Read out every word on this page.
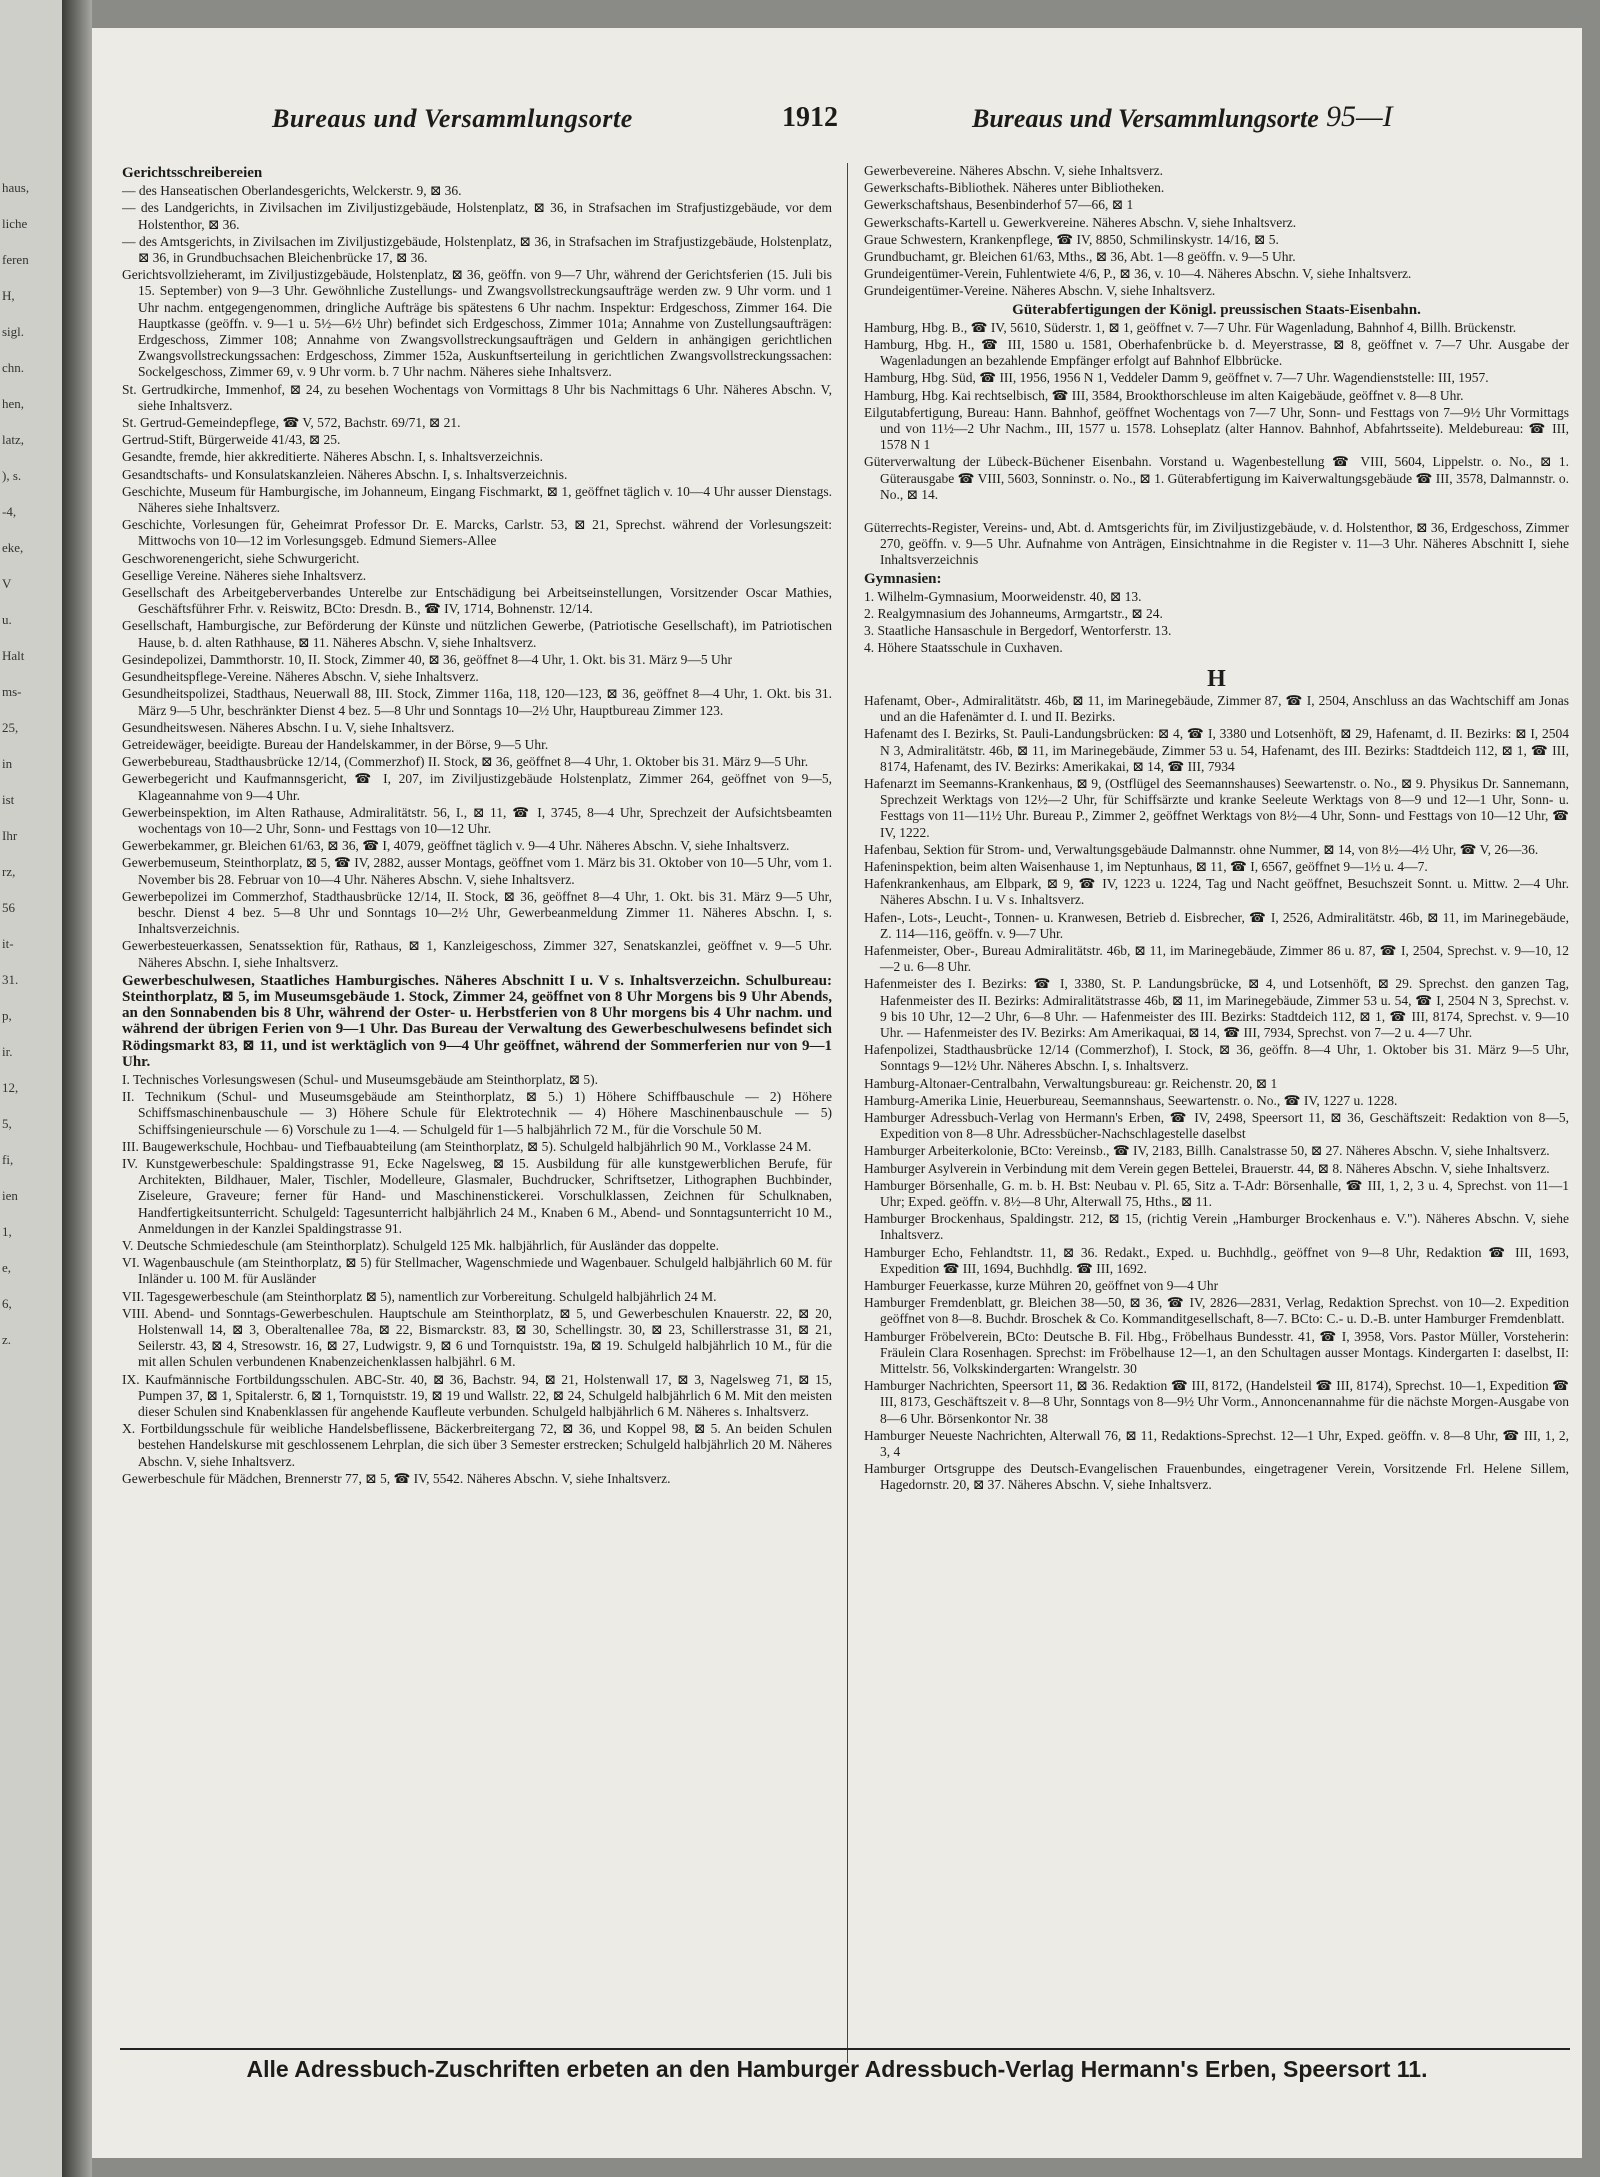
haus,
liche
feren
H,
sigl.
chn.
hen,
latz,
), s.
-4,
eke,
V
u.
Halt
ms-
25,
in
ist
Ihr
rz,
56
it-
31.
p,
ir.
12,
5,
fi,
ien
1,
e,
6,
z.
Bureaus und Versammlungsorte	1912	Bureaus und Versammlungsorte 95—I
Gerichtsschreibereien
— des Hanseatischen Oberlandesgerichts, Welckerstr. 9, ⊠ 36.
— des Landgerichts, in Zivilsachen im Ziviljustizgebäude, Holstenplatz, ⊠ 36, in Strafsachen im Strafjustizgebäude, vor dem Holstenthor, ⊠ 36.
— des Amtsgerichts, in Zivilsachen im Ziviljustizgebäude, Holstenplatz, ⊠ 36, in Strafsachen im Strafjustizgebäude, Holstenplatz, ⊠ 36, in Grundbuchsachen Bleichenbrücke 17, ⊠ 36.
Gerichtsvollzieheramt, im Ziviljustizgebäude, Holstenplatz, ⊠ 36, geöffn. von 9—7 Uhr, während der Gerichtsferien (15. Juli bis 15. September) von 9—3 Uhr. Gewöhnliche Zustellungs- und Zwangsvollstreckungsaufträge werden zw. 9 Uhr vorm. und 1 Uhr nachm. entgegengenommen, dringliche Aufträge bis spätestens 6 Uhr nachm. Inspektur: Erdgeschoss, Zimmer 164. Die Hauptkasse (geöffn. v. 9—1 u. 5½—6½ Uhr) befindet sich Erdgeschoss, Zimmer 101a; Annahme von Zustellungsaufträgen: Erdgeschoss, Zimmer 108; Annahme von Zwangsvollstreckungsaufträgen und Geldern in anhängigen gerichtlichen Zwangsvollstreckungssachen: Erdgeschoss, Zimmer 152a, Auskunftserteilung in gerichtlichen Zwangsvollstreckungssachen: Sockelgeschoss, Zimmer 69, v. 9 Uhr vorm. b. 7 Uhr nachm. Näheres siehe Inhaltsverz.
St. Gertrudkirche, Immenhof, ⊠ 24, zu besehen Wochentags von Vormittags 8 Uhr bis Nachmittags 6 Uhr. Näheres Abschn. V, siehe Inhaltsverz.
St. Gertrud-Gemeindepflege, ☎ V, 572, Bachstr. 69/71, ⊠ 21.
Gertrud-Stift, Bürgerweide 41/43, ⊠ 25.
Gesandte, fremde, hier akkreditierte. Näheres Abschn. I, s. Inhaltsverzeichnis.
Gesandtschafts- und Konsulatskanzleien. Näheres Abschn. I, s. Inhaltsverzeichnis.
Geschichte, Museum für Hamburgische, im Johanneum, Eingang Fischmarkt, ⊠ 1, geöffnet täglich v. 10—4 Uhr ausser Dienstags. Näheres siehe Inhaltsverz.
Geschichte, Vorlesungen für, Geheimrat Professor Dr. E. Marcks, Carlstr. 53, ⊠ 21, Sprechst. während der Vorlesungszeit: Mittwochs von 10—12 im Vorlesungsgeb. Edmund Siemers-Allee
Geschworenengericht, siehe Schwurgericht.
Gesellige Vereine. Näheres siehe Inhaltsverz.
Gesellschaft des Arbeitgeberverbandes Unterelbe zur Entschädigung bei Arbeitseinstellungen, Vorsitzender Oscar Mathies, Geschäftsführer Frhr. v. Reiswitz, BCto: Dresdn. B., ☎ IV, 1714, Bohnenstr. 12/14.
Gesellschaft, Hamburgische, zur Beförderung der Künste und nützlichen Gewerbe, (Patriotische Gesellschaft), im Patriotischen Hause, b. d. alten Rathhause, ⊠ 11. Näheres Abschn. V, siehe Inhaltsverz.
Gesindepolizei, Dammthorstr. 10, II. Stock, Zimmer 40, ⊠ 36, geöffnet 8—4 Uhr, 1. Okt. bis 31. März 9—5 Uhr
Gesundheitspflege-Vereine. Näheres Abschn. V, siehe Inhaltsverz.
Gesundheitspolizei, Stadthaus, Neuerwall 88, III. Stock, Zimmer 116a, 118, 120—123, ⊠ 36, geöffnet 8—4 Uhr, 1. Okt. bis 31. März 9—5 Uhr, beschränkter Dienst 4 bez. 5—8 Uhr und Sonntags 10—2½ Uhr, Hauptbureau Zimmer 123.
Gesundheitswesen. Näheres Abschn. I u. V, siehe Inhaltsverz.
Getreidewäger, beeidigte. Bureau der Handelskammer, in der Börse, 9—5 Uhr.
Gewerbebureau, Stadthausbrücke 12/14, (Commerzhof) II. Stock, ⊠ 36, geöffnet 8—4 Uhr, 1. Oktober bis 31. März 9—5 Uhr.
Gewerbegericht und Kaufmannsgericht, ☎ I, 207, im Ziviljustizgebäude Holstenplatz, Zimmer 264, geöffnet von 9—5, Klageannahme von 9—4 Uhr.
Gewerbeinspektion, im Alten Rathause, Admiralitätstr. 56, I., ⊠ 11, ☎ I, 3745, 8—4 Uhr, Sprechzeit der Aufsichtsbeamten wochentags von 10—2 Uhr, Sonn- und Festtags von 10—12 Uhr.
Gewerbekammer, gr. Bleichen 61/63, ⊠ 36, ☎ I, 4079, geöffnet täglich v. 9—4 Uhr. Näheres Abschn. V, siehe Inhaltsverz.
Gewerbemuseum, Steinthorplatz, ⊠ 5, ☎ IV, 2882, ausser Montags, geöffnet vom 1. März bis 31. Oktober von 10—5 Uhr, vom 1. November bis 28. Februar von 10—4 Uhr. Näheres Abschn. V, siehe Inhaltsverz.
Gewerbepolizei im Commerzhof, Stadthausbrücke 12/14, II. Stock, ⊠ 36, geöffnet 8—4 Uhr, 1. Okt. bis 31. März 9—5 Uhr, beschr. Dienst 4 bez. 5—8 Uhr und Sonntags 10—2½ Uhr, Gewerbeanmeldung Zimmer 11. Näheres Abschn. I, s. Inhaltsverzeichnis.
Gewerbesteuerkassen, Senatssektion für, Rathaus, ⊠ 1, Kanzleigeschoss, Zimmer 327, Senatskanzlei, geöffnet v. 9—5 Uhr. Näheres Abschn. I, siehe Inhaltsverz.
Gewerbeschulwesen, Staatliches Hamburgisches. Näheres Abschnitt I u. V s. Inhaltsverzeichn. Schulbureau: Steinthorplatz, ⊠ 5, im Museumsgebäude 1. Stock, Zimmer 24, geöffnet von 8 Uhr Morgens bis 9 Uhr Abends, an den Sonnabenden bis 8 Uhr, während der Oster- u. Herbstferien von 8 Uhr morgens bis 4 Uhr nachm. und während der übrigen Ferien von 9—1 Uhr. Das Bureau der Verwaltung des Gewerbeschulwesens befindet sich Rödingsmarkt 83, ⊠ 11, und ist werktäglich von 9—4 Uhr geöffnet, während der Sommerferien nur von 9—1 Uhr.
I. Technisches Vorlesungswesen (Schul- und Museumsgebäude am Steinthorplatz, ⊠ 5).
II. Technikum (Schul- und Museumsgebäude am Steinthorplatz, ⊠ 5.) 1) Höhere Schiffbauschule — 2) Höhere Schiffsmaschinenbauschule — 3) Höhere Schule für Elektrotechnik — 4) Höhere Maschinenbauschule — 5) Schiffsingenieurschule — 6) Vorschule zu 1—4. — Schulgeld für 1—5 halbjährlich 72 M., für die Vorschule 50 M.
III. Baugewerkschule, Hochbau- und Tiefbauabteilung (am Steinthorplatz, ⊠ 5). Schulgeld halbjährlich 90 M., Vorklasse 24 M.
IV. Kunstgewerbeschule: Spaldingstrasse 91, Ecke Nagelsweg, ⊠ 15. Ausbildung für alle kunstgewerblichen Berufe, für Architekten, Bildhauer, Maler, Tischler, Modelleure, Glasmaler, Buchdrucker, Schriftsetzer, Lithographen Buchbinder, Ziseleure, Graveure; ferner für Hand- und Maschinenstickerei. Vorschulklassen, Zeichnen für Schulknaben, Handfertigkeitsunterricht. Schulgeld: Tagesunterricht halbjährlich 24 M., Knaben 6 M., Abend- und Sonntagsunterricht 10 M., Anmeldungen in der Kanzlei Spaldingstrasse 91.
V. Deutsche Schmiedeschule (am Steinthorplatz). Schulgeld 125 Mk. halbjährlich, für Ausländer das doppelte.
VI. Wagenbauschule (am Steinthorplatz, ⊠ 5) für Stellmacher, Wagenschmiede und Wagenbauer. Schulgeld halbjährlich 60 M. für Inländer u. 100 M. für Ausländer
VII. Tagesgewerbeschule (am Steinthorplatz ⊠ 5), namentlich zur Vorbereitung. Schulgeld halbjährlich 24 M.
VIII. Abend- und Sonntags-Gewerbeschulen. Hauptschule am Steinthorplatz, ⊠ 5, und Gewerbeschulen Knauerstr. 22, ⊠ 20, Holstenwall 14, ⊠ 3, Oberaltenallee 78a, ⊠ 22, Bismarckstr. 83, ⊠ 30, Schellingstr. 30, ⊠ 23, Schillerstrasse 31, ⊠ 21, Seilerstr. 43, ⊠ 4, Stresowstr. 16, ⊠ 27, Ludwigstr. 9, ⊠ 6 und Tornquiststr. 19a, ⊠ 19. Schulgeld halbjährlich 10 M., für die mit allen Schulen verbundenen Knabenzeichenklassen halbjährl. 6 M.
IX. Kaufmännische Fortbildungsschulen. ABC-Str. 40, ⊠ 36, Bachstr. 94, ⊠ 21, Holstenwall 17, ⊠ 3, Nagelsweg 71, ⊠ 15, Pumpen 37, ⊠ 1, Spitalerstr. 6, ⊠ 1, Tornquiststr. 19, ⊠ 19 und Wallstr. 22, ⊠ 24, Schulgeld halbjährlich 6 M. Mit den meisten dieser Schulen sind Knabenklassen für angehende Kaufleute verbunden. Schulgeld halbjährlich 6 M. Näheres s. Inhaltsverz.
X. Fortbildungsschule für weibliche Handelsbeflissene, Bäckerbreitergang 72, ⊠ 36, und Koppel 98, ⊠ 5. An beiden Schulen bestehen Handelskurse mit geschlossenem Lehrplan, die sich über 3 Semester erstrecken; Schulgeld halbjährlich 20 M. Näheres Abschn. V, siehe Inhaltsverz.
Gewerbeschule für Mädchen, Brennerstr 77, ⊠ 5, ☎ IV, 5542. Näheres Abschn. V, siehe Inhaltsverz.
Gewerbevereine. Näheres Abschn. V, siehe Inhaltsverz.
Gewerkschafts-Bibliothek. Näheres unter Bibliotheken.
Gewerkschaftshaus, Besenbinderhof 57—66, ⊠ 1
Gewerkschafts-Kartell u. Gewerkvereine. Näheres Abschn. V, siehe Inhaltsverz.
Graue Schwestern, Krankenpflege, ☎ IV, 8850, Schmilinskystr. 14/16, ⊠ 5.
Grundbuchamt, gr. Bleichen 61/63, Mths., ⊠ 36, Abt. 1—8 geöffn. v. 9—5 Uhr.
Grundeigentümer-Verein, Fuhlentwiete 4/6, P., ⊠ 36, v. 10—4. Näheres Abschn. V, siehe Inhaltsverz.
Grundeigentümer-Vereine. Näheres Abschn. V, siehe Inhaltsverz.
Güterabfertigungen der Königl. preussischen Staats-Eisenbahn.
Hamburg, Hbg. B., ☎ IV, 5610, Süderstr. 1, ⊠ 1, geöffnet v. 7—7 Uhr. Für Wagenladung, Bahnhof 4, Billh. Brückenstr.
Hamburg, Hbg. H., ☎ III, 1580 u. 1581, Oberhafenbrücke b. d. Meyerstrasse, ⊠ 8, geöffnet v. 7—7 Uhr. Ausgabe der Wagenladungen an bezahlende Empfänger erfolgt auf Bahnhof Elbbrücke.
Hamburg, Hbg. Süd, ☎ III, 1956, 1956 N 1, Veddeler Damm 9, geöffnet v. 7—7 Uhr. Wagendienststelle: III, 1957.
Hamburg, Hbg. Kai rechtselbisch, ☎ III, 3584, Brookthorschleuse im alten Kaigebäude, geöffnet v. 8—8 Uhr.
Eilgutabfertigung, Bureau: Hann. Bahnhof, geöffnet Wochentags von 7—7 Uhr, Sonn- und Festtags von 7—9½ Uhr Vormittags und von 11½—2 Uhr Nachm., III, 1577 u. 1578. Lohseplatz (alter Hannov. Bahnhof, Abfahrtsseite). Meldebureau: ☎ III, 1578 N 1
Güterverwaltung der Lübeck-Büchener Eisenbahn. Vorstand u. Wagenbestellung ☎ VIII, 5604, Lippelstr. o. No., ⊠ 1. Güterausgabe ☎ VIII, 5603, Sonninstr. o. No., ⊠ 1. Güterabfertigung im Kaiverwaltungsgebäude ☎ III, 3578, Dalmannstr. o. No., ⊠ 14.
Güterrechts-Register, Vereins- und, Abt. d. Amtsgerichts für, im Ziviljustizgebäude, v. d. Holstenthor, ⊠ 36, Erdgeschoss, Zimmer 270, geöffn. v. 9—5 Uhr. Aufnahme von Anträgen, Einsichtnahme in die Register v. 11—3 Uhr. Näheres Abschnitt I, siehe Inhaltsverzeichnis
Gymnasien:
1. Wilhelm-Gymnasium, Moorweidenstr. 40, ⊠ 13.
2. Realgymnasium des Johanneums, Armgartstr., ⊠ 24.
3. Staatliche Hansaschule in Bergedorf, Wentorferstr. 13.
4. Höhere Staatsschule in Cuxhaven.
H
Hafenamt, Ober-, Admiralitätstr. 46b, ⊠ 11, im Marinegebäude, Zimmer 87, ☎ I, 2504, Anschluss an das Wachtschiff am Jonas und an die Hafenämter d. I. und II. Bezirks.
Hafenamt des I. Bezirks, St. Pauli-Landungsbrücken: ⊠ 4, ☎ I, 3380 und Lotsenhöft, ⊠ 29, Hafenamt, d. II. Bezirks: ⊠ I, 2504 N 3, Admiralitätstr. 46b, ⊠ 11, im Marinegebäude, Zimmer 53 u. 54, Hafenamt, des III. Bezirks: Stadtdeich 112, ⊠ 1, ☎ III, 8174, Hafenamt, des IV. Bezirks: Amerikakai, ⊠ 14, ☎ III, 7934
Hafenarzt im Seemanns-Krankenhaus, ⊠ 9, (Ostflügel des Seemannshauses) Seewartenstr. o. No., ⊠ 9. Physikus Dr. Sannemann, Sprechzeit Werktags von 12½—2 Uhr, für Schiffsärzte und kranke Seeleute Werktags von 8—9 und 12—1 Uhr, Sonn- u. Festtags von 11—11½ Uhr. Bureau P., Zimmer 2, geöffnet Werktags von 8½—4 Uhr, Sonn- und Festtags von 10—12 Uhr, ☎ IV, 1222.
Hafenbau, Sektion für Strom- und, Verwaltungsgebäude Dalmannstr. ohne Nummer, ⊠ 14, von 8½—4½ Uhr, ☎ V, 26—36.
Hafeninspektion, beim alten Waisenhause 1, im Neptunhaus, ⊠ 11, ☎ I, 6567, geöffnet 9—1½ u. 4—7.
Hafenkrankenhaus, am Elbpark, ⊠ 9, ☎ IV, 1223 u. 1224, Tag und Nacht geöffnet, Besuchszeit Sonnt. u. Mittw. 2—4 Uhr. Näheres Abschn. I u. V s. Inhaltsverz.
Hafen-, Lots-, Leucht-, Tonnen- u. Kranwesen, Betrieb d. Eisbrecher, ☎ I, 2526, Admiralitätstr. 46b, ⊠ 11, im Marinegebäude, Z. 114—116, geöffn. v. 9—7 Uhr.
Hafenmeister, Ober-, Bureau Admiralitätstr. 46b, ⊠ 11, im Marinegebäude, Zimmer 86 u. 87, ☎ I, 2504, Sprechst. v. 9—10, 12—2 u. 6—8 Uhr.
Hafenmeister des I. Bezirks: ☎ I, 3380, St. P. Landungsbrücke, ⊠ 4, und Lotsenhöft, ⊠ 29. Sprechst. den ganzen Tag, Hafenmeister des II. Bezirks: Admiralitätstrasse 46b, ⊠ 11, im Marinegebäude, Zimmer 53 u. 54, ☎ I, 2504 N 3, Sprechst. v. 9 bis 10 Uhr, 12—2 Uhr, 6—8 Uhr. — Hafenmeister des III. Bezirks: Stadtdeich 112, ⊠ 1, ☎ III, 8174, Sprechst. v. 9—10 Uhr. — Hafenmeister des IV. Bezirks: Am Amerikaquai, ⊠ 14, ☎ III, 7934, Sprechst. von 7—2 u. 4—7 Uhr.
Hafenpolizei, Stadthausbrücke 12/14 (Commerzhof), I. Stock, ⊠ 36, geöffn. 8—4 Uhr, 1. Oktober bis 31. März 9—5 Uhr, Sonntags 9—12½ Uhr. Näheres Abschn. I, s. Inhaltsverz.
Hamburg-Altonaer-Centralbahn, Verwaltungsbureau: gr. Reichenstr. 20, ⊠ 1
Hamburg-Amerika Linie, Heuerbureau, Seemannshaus, Seewartenstr. o. No., ☎ IV, 1227 u. 1228.
Hamburger Adressbuch-Verlag von Hermann's Erben, ☎ IV, 2498, Speersort 11, ⊠ 36, Geschäftszeit: Redaktion von 8—5, Expedition von 8—8 Uhr. Adressbücher-Nachschlagestelle daselbst
Hamburger Arbeiterkolonie, BCto: Vereinsb., ☎ IV, 2183, Billh. Canalstrasse 50, ⊠ 27. Näheres Abschn. V, siehe Inhaltsverz.
Hamburger Asylverein in Verbindung mit dem Verein gegen Bettelei, Brauerstr. 44, ⊠ 8. Näheres Abschn. V, siehe Inhaltsverz.
Hamburger Börsenhalle, G. m. b. H. Bst: Neubau v. Pl. 65, Sitz a. T-Adr: Börsenhalle, ☎ III, 1, 2, 3 u. 4, Sprechst. von 11—1 Uhr; Exped. geöffn. v. 8½—8 Uhr, Alterwall 75, Hths., ⊠ 11.
Hamburger Brockenhaus, Spaldingstr. 212, ⊠ 15, (richtig Verein „Hamburger Brockenhaus e. V."). Näheres Abschn. V, siehe Inhaltsverz.
Hamburger Echo, Fehlandtstr. 11, ⊠ 36. Redakt., Exped. u. Buchhdlg., geöffnet von 9—8 Uhr, Redaktion ☎ III, 1693, Expedition ☎ III, 1694, Buchhdlg. ☎ III, 1692.
Hamburger Feuerkasse, kurze Mühren 20, geöffnet von 9—4 Uhr
Hamburger Fremdenblatt, gr. Bleichen 38—50, ⊠ 36, ☎ IV, 2826—2831, Verlag, Redaktion Sprechst. von 10—2. Expedition geöffnet von 8—8. Buchdr. Broschek & Co. Kommanditgesellschaft, 8—7. BCto: C.- u. D.-B. unter Hamburger Fremdenblatt.
Hamburger Fröbelverein, BCto: Deutsche B. Fil. Hbg., Fröbelhaus Bundesstr. 41, ☎ I, 3958, Vors. Pastor Müller, Vorsteherin: Fräulein Clara Rosenhagen. Sprechst: im Fröbelhause 12—1, an den Schultagen ausser Montags. Kindergarten I: daselbst, II: Mittelstr. 56, Volkskindergarten: Wrangelstr. 30
Hamburger Nachrichten, Speersort 11, ⊠ 36. Redaktion ☎ III, 8172, (Handelsteil ☎ III, 8174), Sprechst. 10—1, Expedition ☎ III, 8173, Geschäftszeit v. 8—8 Uhr, Sonntags von 8—9½ Uhr Vorm., Annoncenannahme für die nächste Morgen-Ausgabe von 8—6 Uhr. Börsenkontor Nr. 38
Hamburger Neueste Nachrichten, Alterwall 76, ⊠ 11, Redaktions-Sprechst. 12—1 Uhr, Exped. geöffn. v. 8—8 Uhr, ☎ III, 1, 2, 3, 4
Hamburger Ortsgruppe des Deutsch-Evangelischen Frauenbundes, eingetragener Verein, Vorsitzende Frl. Helene Sillem, Hagedornstr. 20, ⊠ 37. Näheres Abschn. V, siehe Inhaltsverz.
Alle Adressbuch-Zuschriften erbeten an den Hamburger Adressbuch-Verlag Hermann's Erben, Speersort 11.
